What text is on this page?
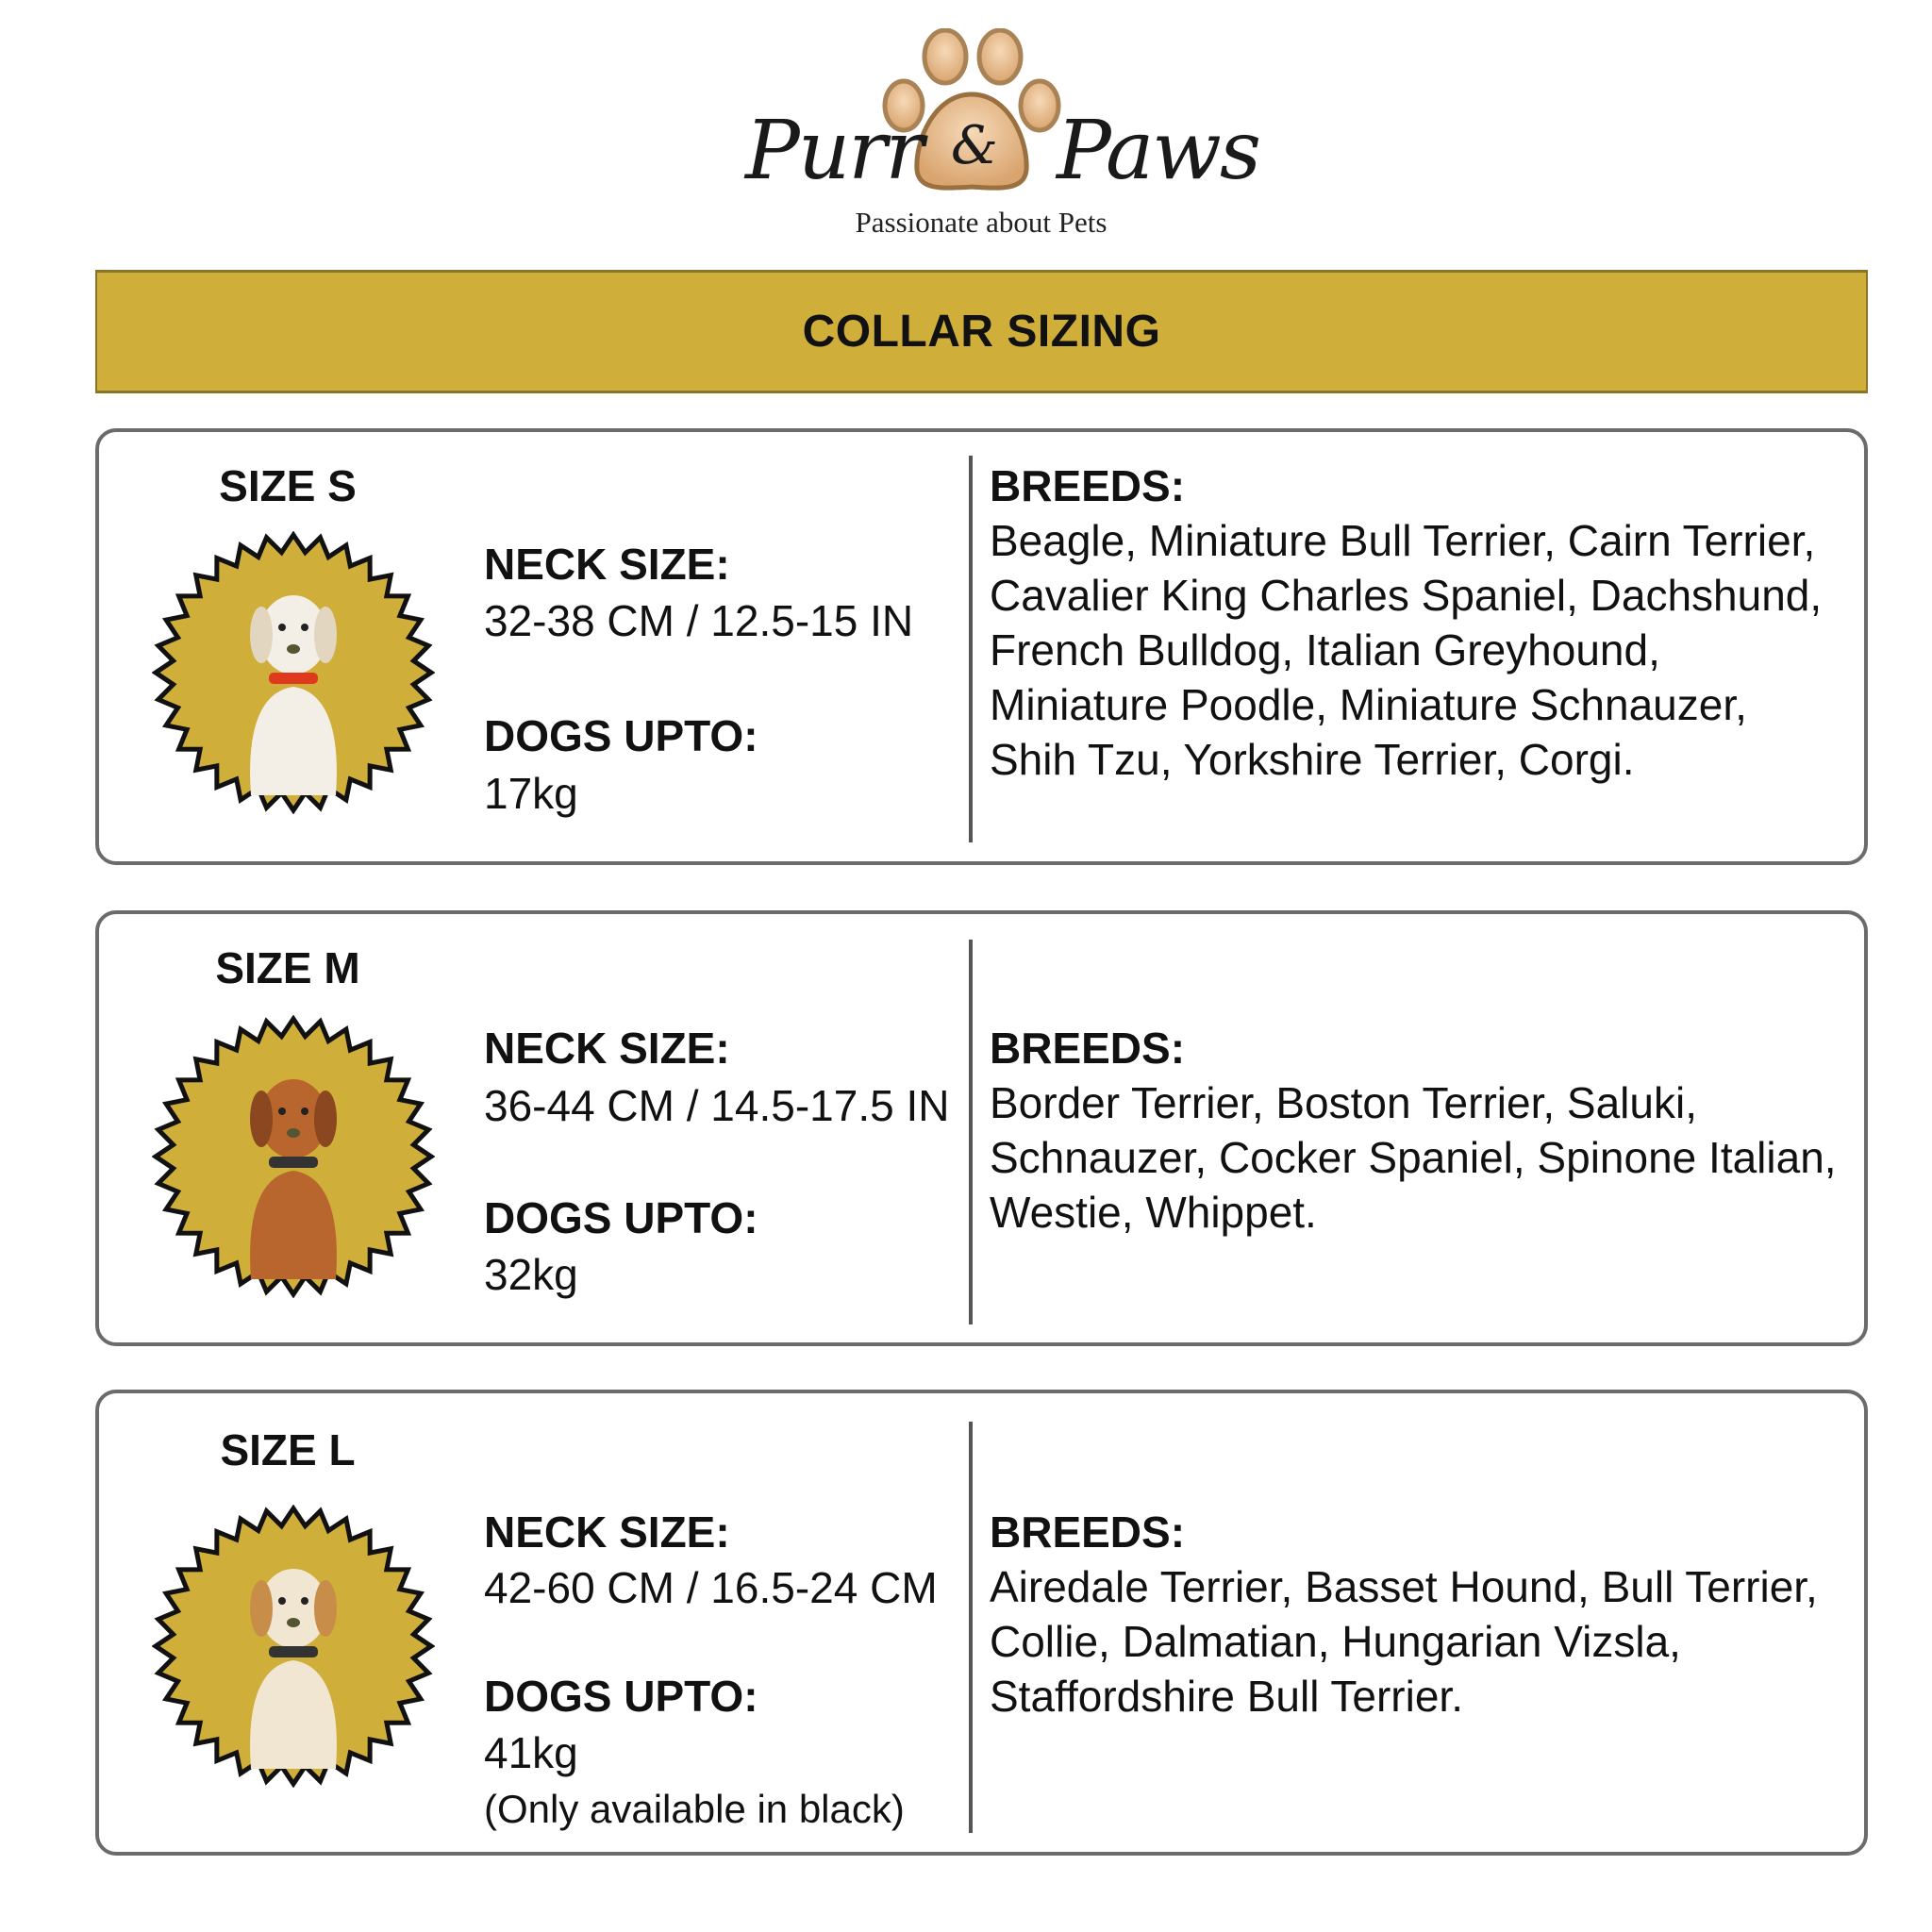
Purr & Paws
Passionate about Pets
COLLAR SIZING
SIZE S
NECK SIZE:
32-38 CM / 12.5-15 IN
DOGS UPTO:
17kg
BREEDS:
Beagle, Miniature Bull Terrier, Cairn Terrier, Cavalier King Charles Spaniel, Dachshund, French Bulldog, Italian Greyhound, Miniature Poodle, Miniature Schnauzer, Shih Tzu, Yorkshire Terrier, Corgi.
SIZE M
NECK SIZE:
36-44 CM / 14.5-17.5 IN
DOGS UPTO:
32kg
BREEDS:
Border Terrier, Boston Terrier, Saluki, Schnauzer, Cocker Spaniel, Spinone Italian, Westie, Whippet.
SIZE L
NECK SIZE:
42-60 CM / 16.5-24 CM
DOGS UPTO:
41kg
(Only available in black)
BREEDS:
Airedale Terrier, Basset Hound, Bull Terrier, Collie, Dalmatian, Hungarian Vizsla, Staffordshire Bull Terrier.
